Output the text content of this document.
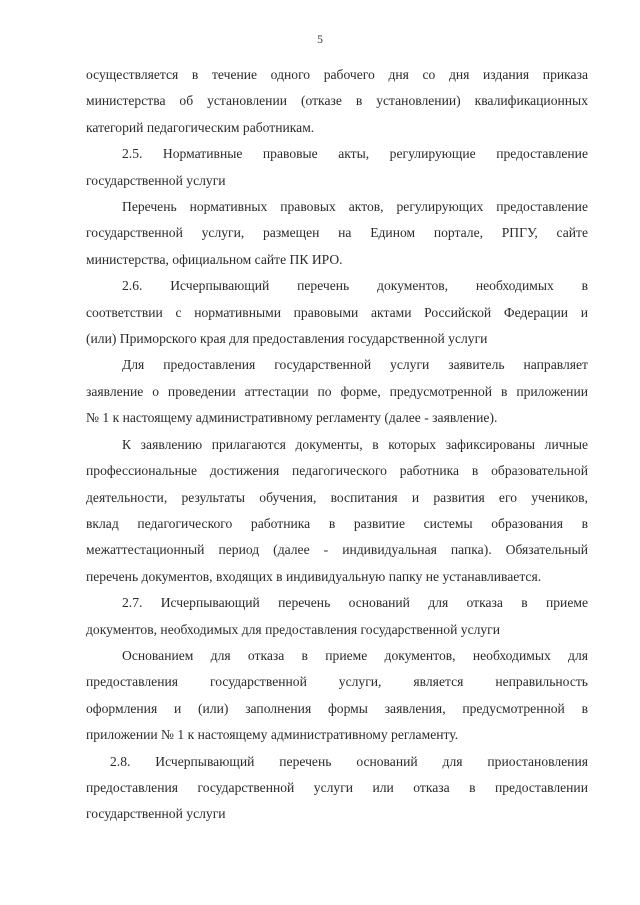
5

осуществляется в течение одного рабочего дня со дня издания приказа
министерства об установлении (отказе в установлении) квалификационных
категорий педагогическим работникам.

2.5. Нормативные правовые акты, регулирующие предоставление
государственной услуги

Перечень нормативных правовых актов, регулирующих предоставление
государственной услуги, размещен на Едином портале, РПГУ, сайте
министерства, официальном сайте ПК ИРО.

2.6. Исчерпывающий перечень документов, необходимых в
соответствии с нормативными правовыми актами Российской Федерации и
(или) Приморского края для предоставления государственной услуги

Для предоставления государственной услуги заявитель направляет
заявление о проведении аттестации по форме, предусмотренной в приложении
№ 1 к настоящему административному регламенту (далее - заявление).

К заявлению прилагаются документы, в которых зафиксированы личные
профессиональные достижения педагогического работника в образовательной
деятельности, результаты обучения, воспитания и развития его учеников,
вклад педагогического работника в развитие системы образования в
межаттестационный период (далее - индивидуальная папка). Обязательный
перечень документов, входящих в индивидуальную папку не устанавливается.

2.7. Исчерпывающий перечень оснований для отказа в приеме
документов, необходимых для предоставления государственной услуги

Основанием для отказа в приеме документов, необходимых для
предоставления государственной услуги, является неправильность
оформления и (или) заполнения формы заявления, предусмотренной в
приложении № 1 к настоящему административному регламенту.

2.8. Исчерпывающий перечень оснований для приостановления
предоставления государственной услуги или отказа в предоставлении
государственной услуги
